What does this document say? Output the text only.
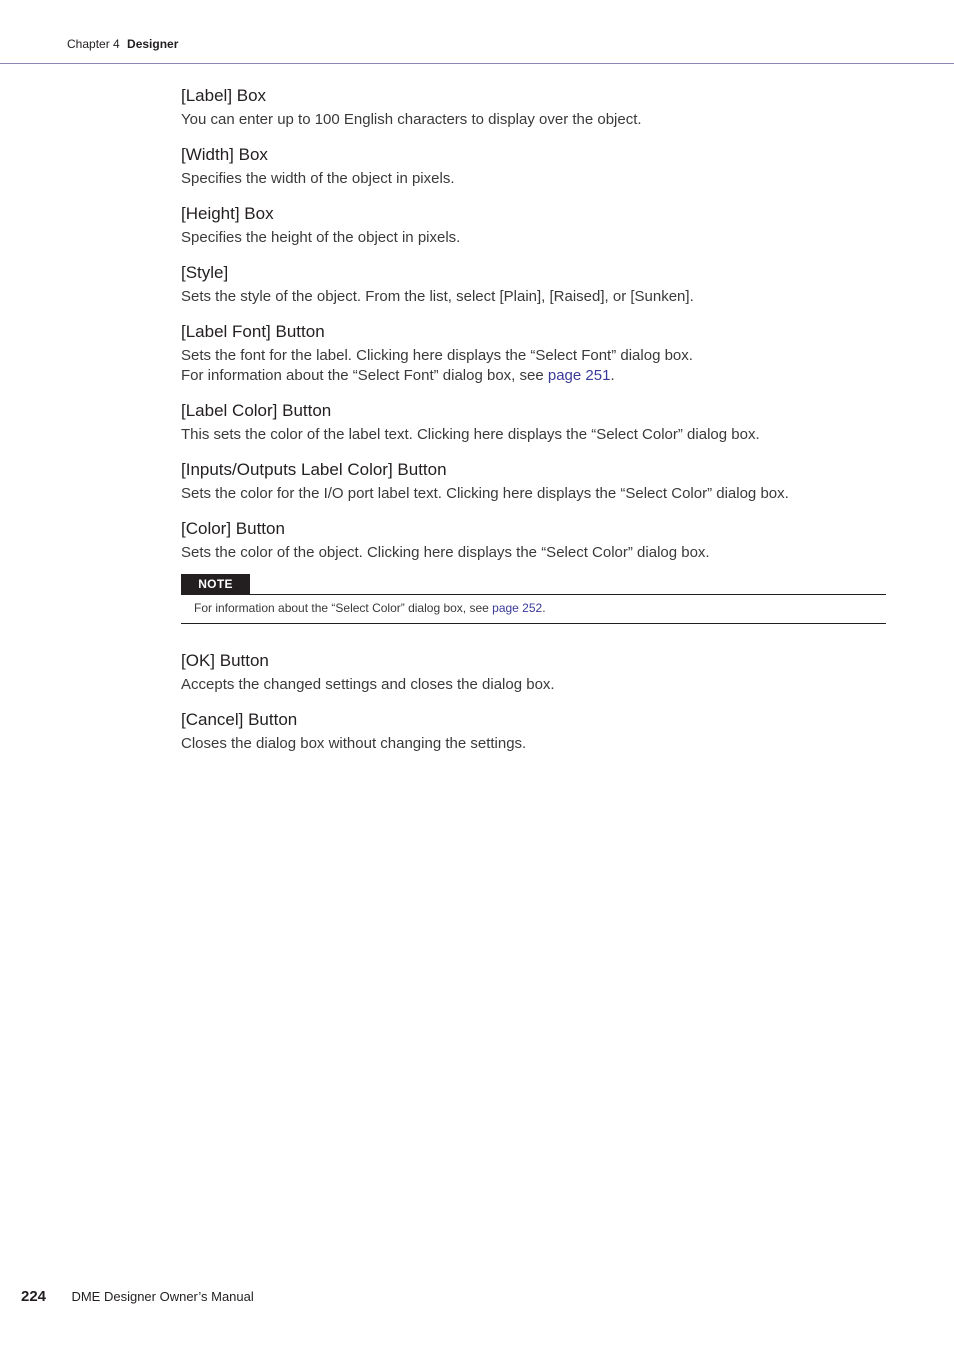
Chapter 4 Designer
[Label] Box

You can enter up to 100 English characters to display over the object.

[Width] Box

Specifies the width of the object in pixels.

[Height] Box

Specifies the height of the object in pixels.

[Style]

Sets the style of the object. From the list, select [Plain], [Raised], or [Sunken].

[Label Font] Button

Sets the font for the label. Clicking here displays the “Select Font” dialog box.

For information about the “Select Font” dialog box, see page 251.

[Label Color] Button

This sets the color of the label text. Clicking here displays the “Select Color” dialog box.

[Inputs/Outputs Label Color] Button

Sets the color for the I/O port label text. Clicking here displays the “Select Color” dialog box.

[Color] Button

Sets the color of the object. Clicking here displays the “Select Color” dialog box.

NOTE
For information about the “Select Color” dialog box, see page 252.
[OK] Button

Accepts the changed settings and closes the dialog box.

[Cancel] Button

Closes the dialog box without changing the settings.

224 DME Designer Owner’s Manual
